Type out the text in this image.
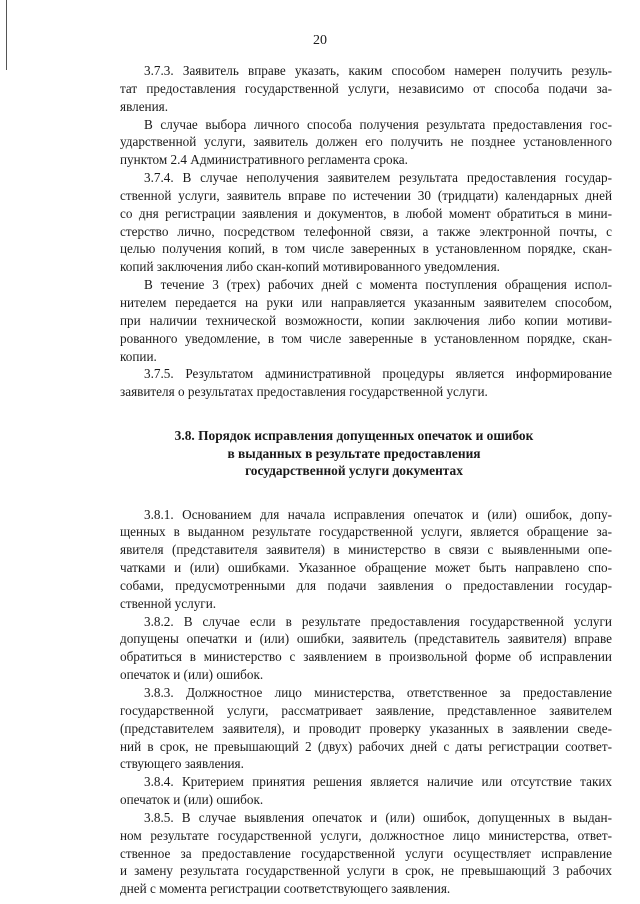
20
3.7.3. Заявитель вправе указать, каким способом намерен получить резуль-
тат предоставления государственной услуги, независимо от способа подачи за-
явления.
В случае выбора личного способа получения результата предоставления гос-
ударственной услуги, заявитель должен его получить не позднее установленного
пунктом 2.4 Административного регламента срока.
3.7.4. В случае неполучения заявителем результата предоставления государ-
ственной услуги, заявитель вправе по истечении 30 (тридцати) календарных дней
со дня регистрации заявления и документов, в любой момент обратиться в мини-
стерство лично, посредством телефонной связи, а также электронной почты, с
целью получения копий, в том числе заверенных в установленном порядке, скан-
копий заключения либо скан-копий мотивированного уведомления.
В течение 3 (трех) рабочих дней с момента поступления обращения испол-
нителем передается на руки или направляется указанным заявителем способом,
при наличии технической возможности, копии заключения либо копии мотиви-
рованного уведомление, в том числе заверенные в установленном порядке, скан-
копии.
3.7.5. Результатом административной процедуры является информирование
заявителя о результатах предоставления государственной услуги.
3.8. Порядок исправления допущенных опечаток и ошибок
в выданных в результате предоставления
государственной услуги документах
3.8.1. Основанием для начала исправления опечаток и (или) ошибок, допу-
щенных в выданном результате государственной услуги, является обращение за-
явителя (представителя заявителя) в министерство в связи с выявленными опе-
чатками и (или) ошибками. Указанное обращение может быть направлено спо-
собами, предусмотренными для подачи заявления о предоставлении государ-
ственной услуги.
3.8.2. В случае если в результате предоставления государственной услуги
допущены опечатки и (или) ошибки, заявитель (представитель заявителя) вправе
обратиться в министерство с заявлением в произвольной форме об исправлении
опечаток и (или) ошибок.
3.8.3. Должностное лицо министерства, ответственное за предоставление
государственной услуги, рассматривает заявление, представленное заявителем
(представителем заявителя), и проводит проверку указанных в заявлении сведе-
ний в срок, не превышающий 2 (двух) рабочих дней с даты регистрации соответ-
ствующего заявления.
3.8.4. Критерием принятия решения является наличие или отсутствие таких
опечаток и (или) ошибок.
3.8.5. В случае выявления опечаток и (или) ошибок, допущенных в выдан-
ном результате государственной услуги, должностное лицо министерства, ответ-
ственное за предоставление государственной услуги осуществляет исправление
и замену результата государственной услуги в срок, не превышающий 3 рабочих
дней с момента регистрации соответствующего заявления.
